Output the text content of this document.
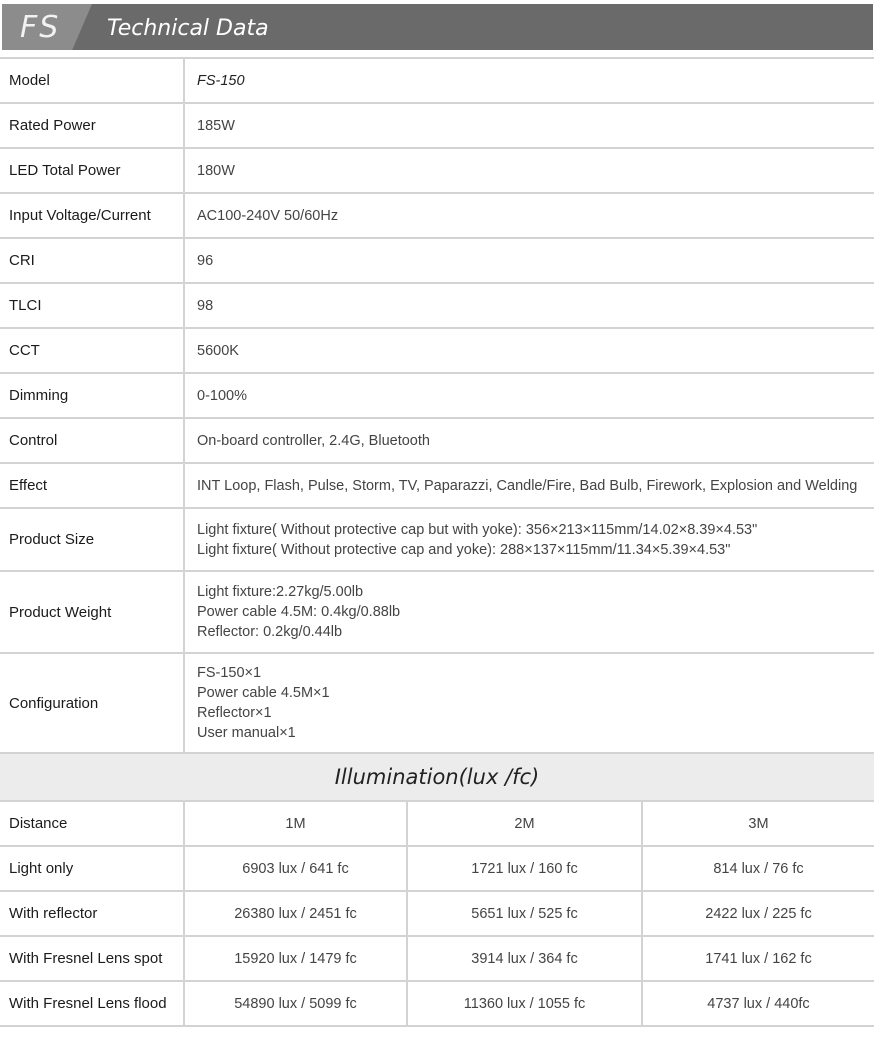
FS Technical Data
Model	FS-150

Rated Power	185W

LED Total Power	180W

Input Voltage/Current	AC100-240V 50/60Hz

CRI	96

TLCI	98

CCT	5600K

Dimming	0-100%

Control	On-board controller, 2.4G, Bluetooth

Effect	INT Loop, Flash, Pulse, Storm, TV, Paparazzi, Candle/Fire, Bad Bulb, Firework, Explosion and Welding

Product Size	Light fixture( Without protective cap but with yoke): 356×213×115mm/14.02×8.39×4.53"
Light fixture( Without protective cap and yoke): 288×137×115mm/11.34×5.39×4.53"

Product Weight	Light fixture:2.27kg/5.00lb
Power cable 4.5M: 0.4kg/0.88lb
Reflector: 0.2kg/0.44lb

Configuration	FS-150×1
Power cable 4.5M×1
Reflector×1
User manual×1
Illumination(lux /fc)
Distance	1M	2M	3M
Light only	6903 lux / 641 fc	1721 lux / 160 fc	814 lux / 76 fc
With reflector	26380 lux / 2451 fc	5651 lux / 525 fc	2422 lux / 225 fc
With Fresnel Lens spot	15920 lux / 1479 fc	3914 lux / 364 fc	1741 lux / 162 fc
With Fresnel Lens flood	54890 lux / 5099 fc	11360 lux / 1055 fc	4737 lux / 440fc
